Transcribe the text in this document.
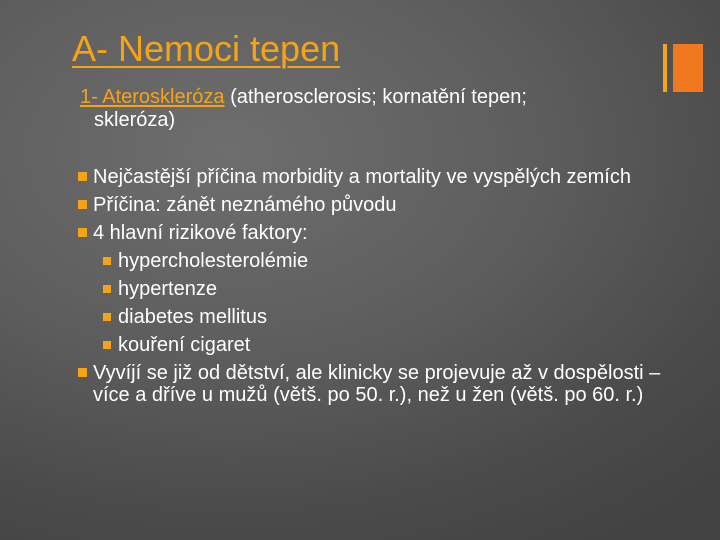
A- Nemoci tepen
1- Ateroskleróza (atherosclerosis; kornatění tepen;
skleróza)
Nejčastější příčina morbidity a mortality ve vyspělých zemích
Příčina: zánět neznámého původu
4 hlavní rizikové faktory:
hypercholesterolémie
hypertenze
diabetes mellitus
kouření cigaret
Vyvíjí se již od dětství, ale klinicky se projevuje až v dospělosti – více a dříve u mužů (větš. po 50. r.), než u žen (větš. po 60. r.)
